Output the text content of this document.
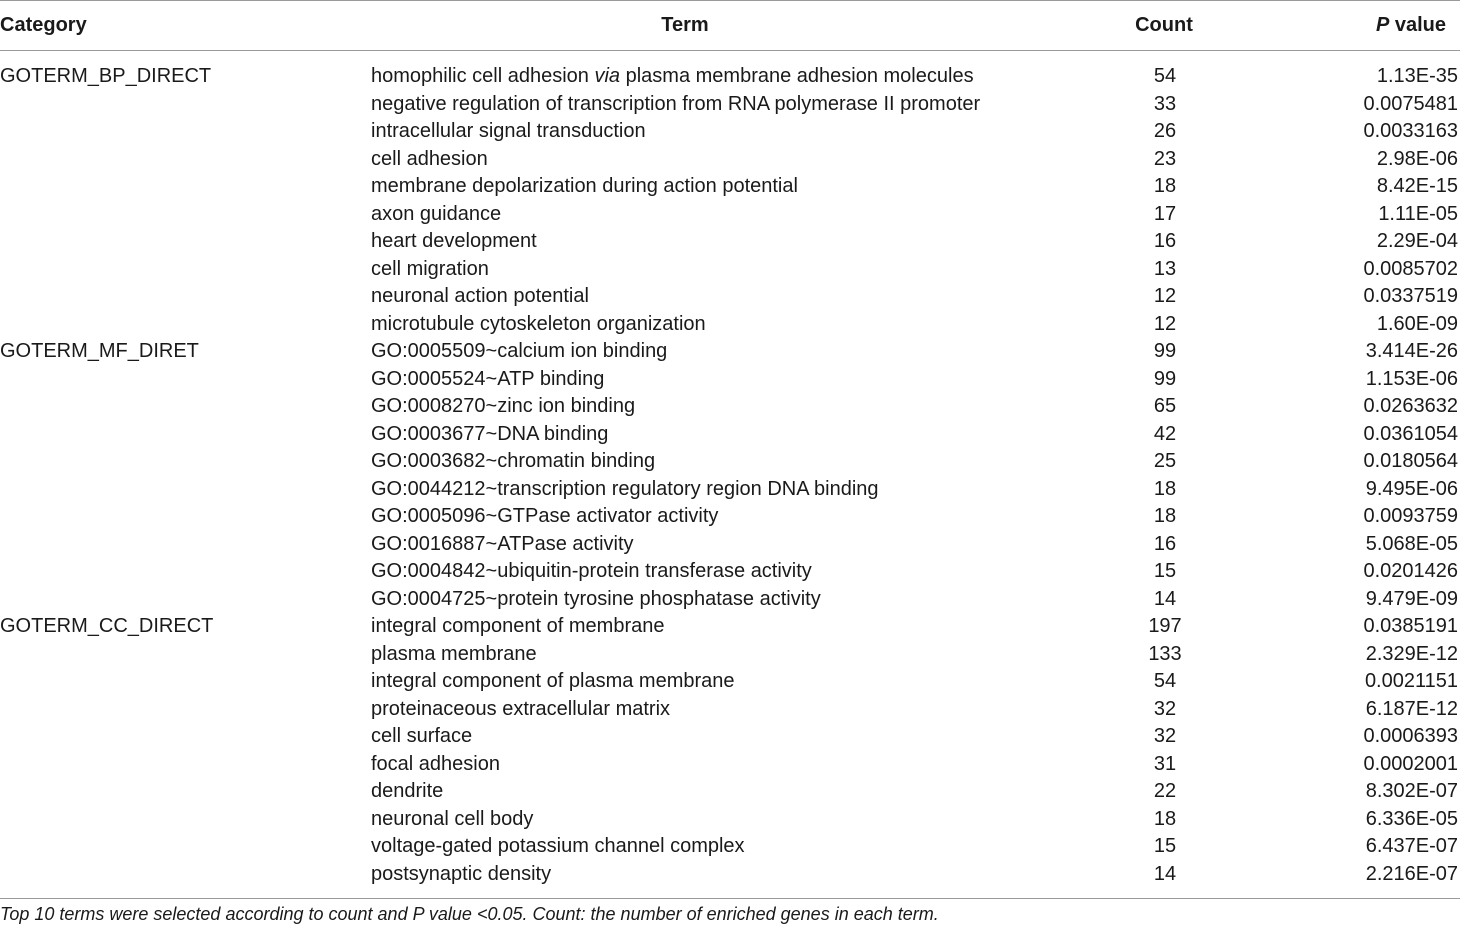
Category	Term	Count	P value
GOTERM_BP_DIRECT	homophilic cell adhesion via plasma membrane adhesion molecules	54	1.13E-35
	negative regulation of transcription from RNA polymerase II promoter	33	0.0075481
	intracellular signal transduction	26	0.0033163
	cell adhesion	23	2.98E-06
	membrane depolarization during action potential	18	8.42E-15
	axon guidance	17	1.11E-05
	heart development	16	2.29E-04
	cell migration	13	0.0085702
	neuronal action potential	12	0.0337519
	microtubule cytoskeleton organization	12	1.60E-09
GOTERM_MF_DIRET	GO:0005509~calcium ion binding	99	3.414E-26
	GO:0005524~ATP binding	99	1.153E-06
	GO:0008270~zinc ion binding	65	0.0263632
	GO:0003677~DNA binding	42	0.0361054
	GO:0003682~chromatin binding	25	0.0180564
	GO:0044212~transcription regulatory region DNA binding	18	9.495E-06
	GO:0005096~GTPase activator activity	18	0.0093759
	GO:0016887~ATPase activity	16	5.068E-05
	GO:0004842~ubiquitin-protein transferase activity	15	0.0201426
	GO:0004725~protein tyrosine phosphatase activity	14	9.479E-09
GOTERM_CC_DIRECT	integral component of membrane	197	0.0385191
	plasma membrane	133	2.329E-12
	integral component of plasma membrane	54	0.0021151
	proteinaceous extracellular matrix	32	6.187E-12
	cell surface	32	0.0006393
	focal adhesion	31	0.0002001
	dendrite	22	8.302E-07
	neuronal cell body	18	6.336E-05
	voltage-gated potassium channel complex	15	6.437E-07
	postsynaptic density	14	2.216E-07
Top 10 terms were selected according to count and P value <0.05. Count: the number of enriched genes in each term.
